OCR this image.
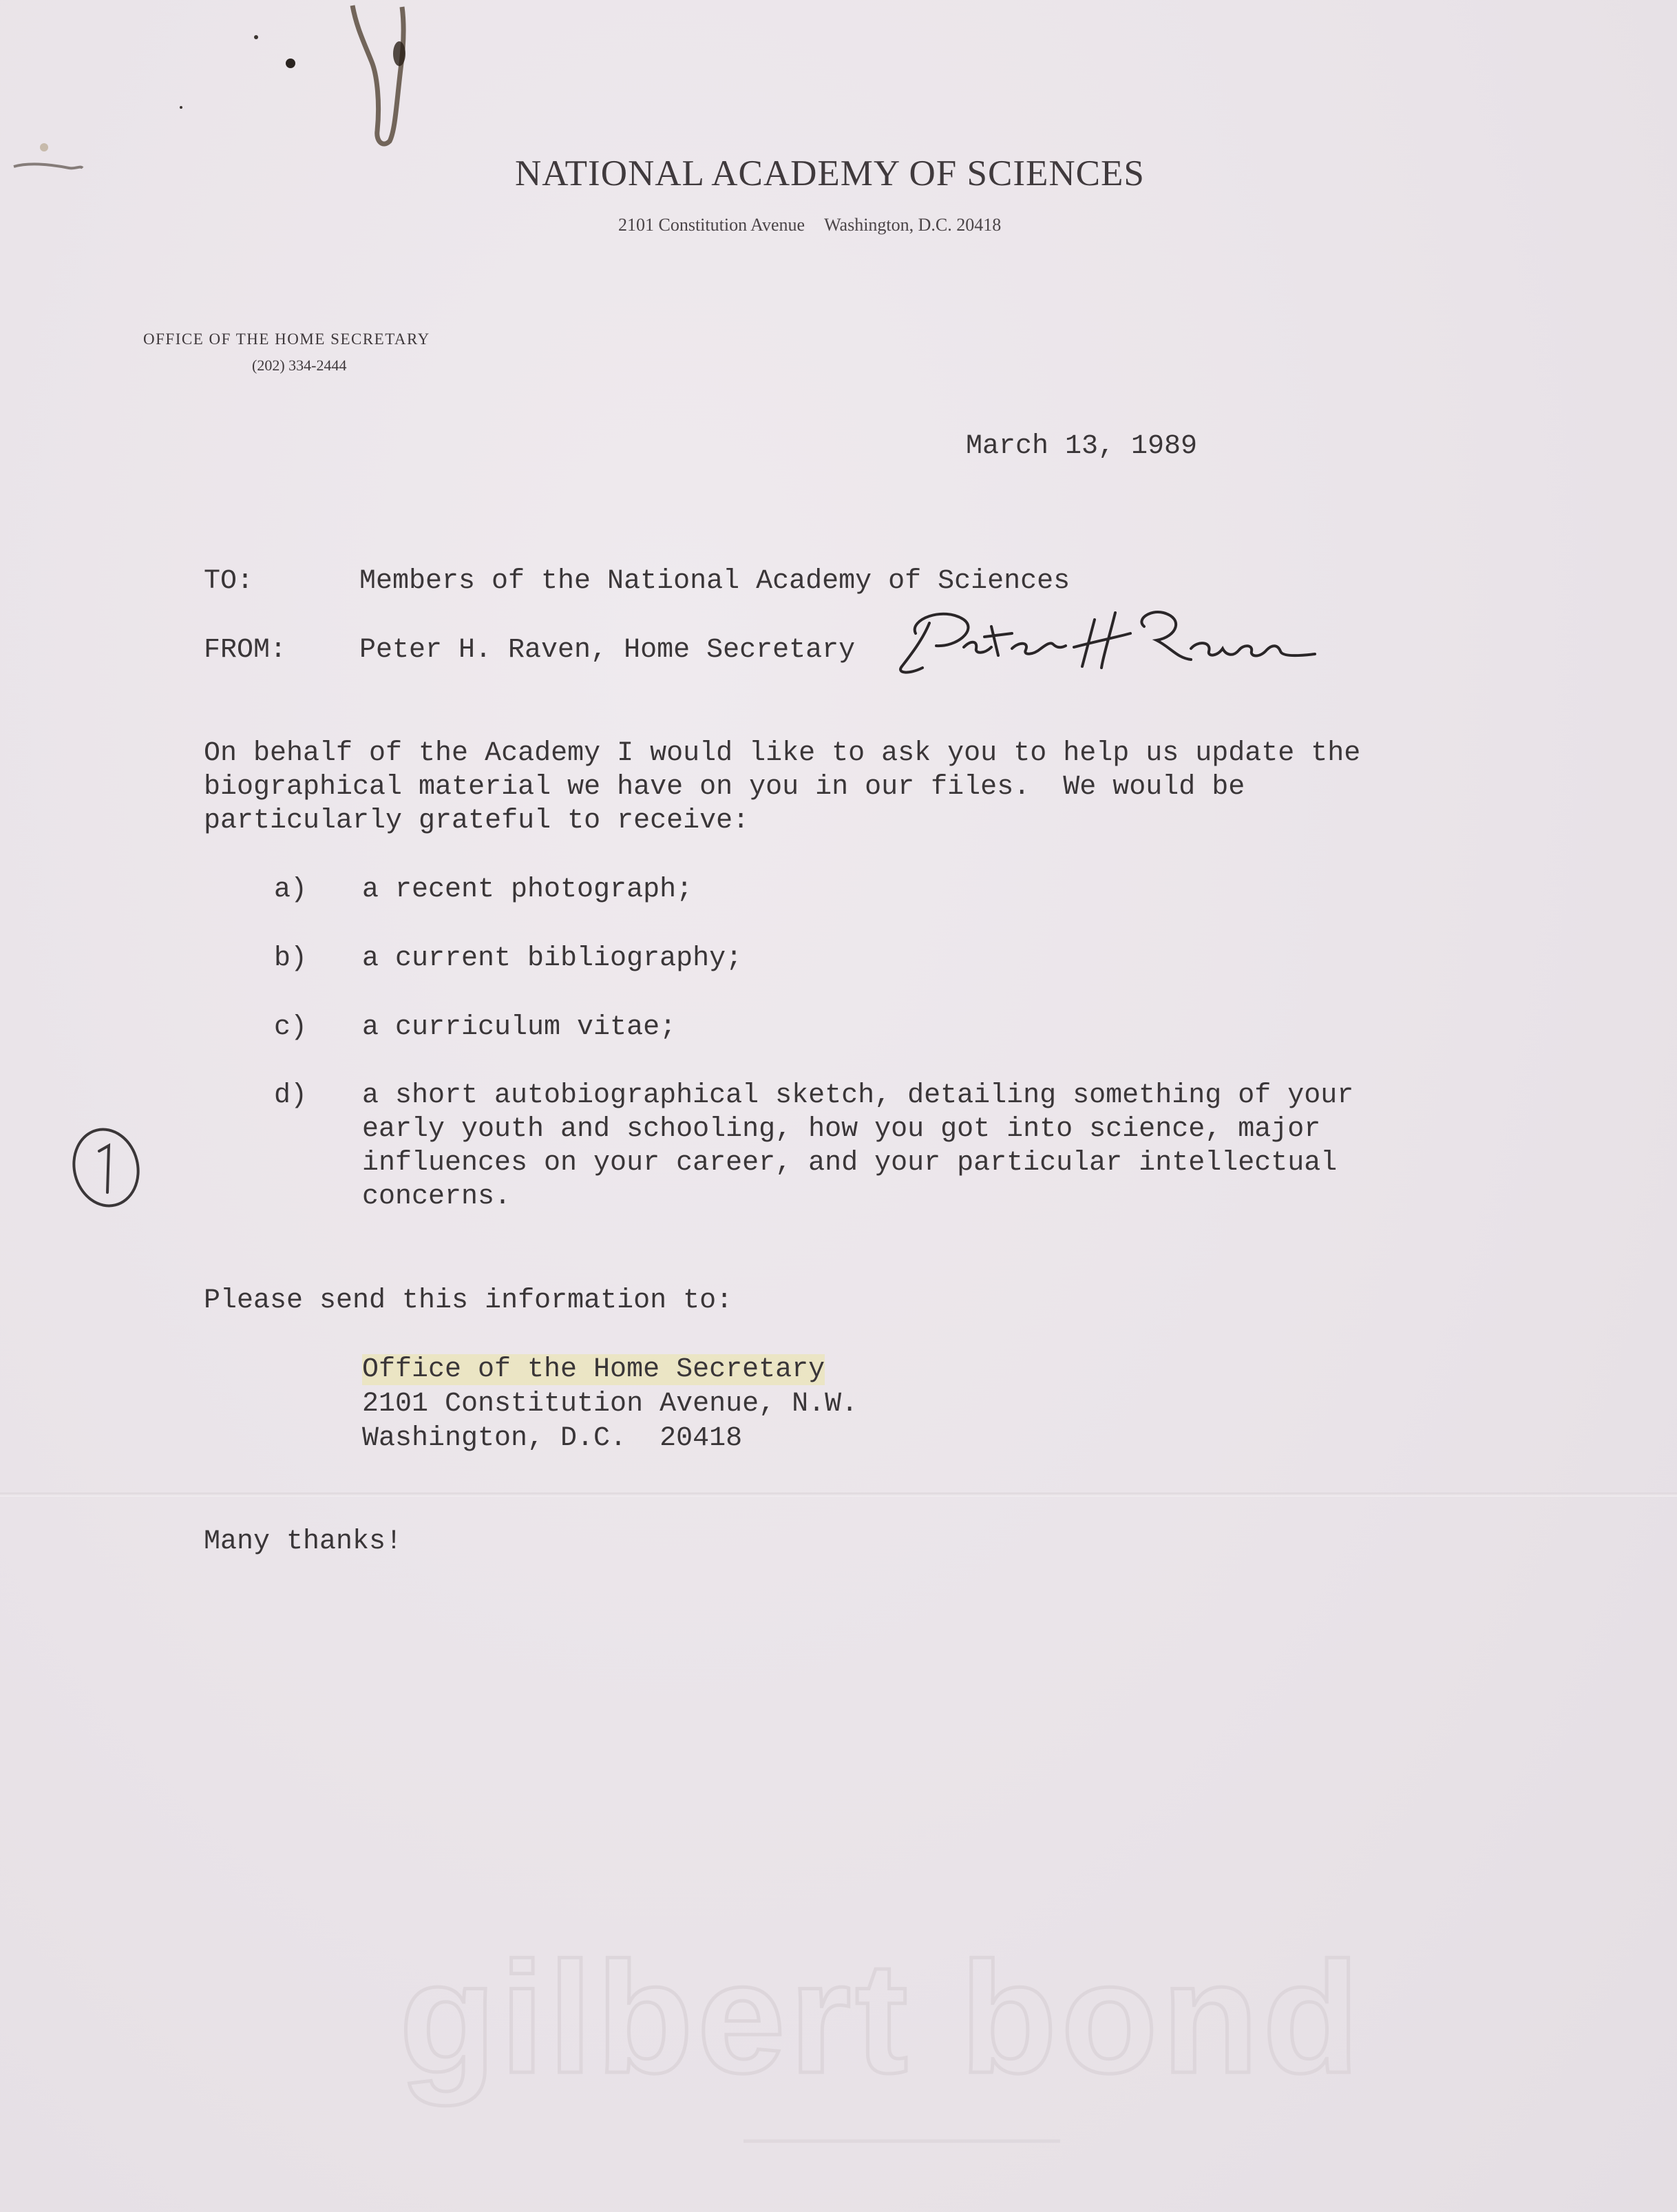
NATIONAL ACADEMY OF SCIENCES
2101 Constitution Avenue Washington, D.C. 20418
OFFICE OF THE HOME SECRETARY
(202) 334-2444
March 13, 1989
TO:	Members of the National Academy of Sciences
FROM:	Peter H. Raven, Home Secretary
On behalf of the Academy I would like to ask you to help us update the
biographical material we have on you in our files.  We would be
particularly grateful to receive:
a) a recent photograph;
b) a current bibliography;
c) a curriculum vitae;
d) a short autobiographical sketch, detailing something of your
early youth and schooling, how you got into science, major
influences on your career, and your particular intellectual
concerns.
Please send this information to:
Office of the Home Secretary
2101 Constitution Avenue, N.W.
Washington, D.C.  20418
Many thanks!
gilbert bond
